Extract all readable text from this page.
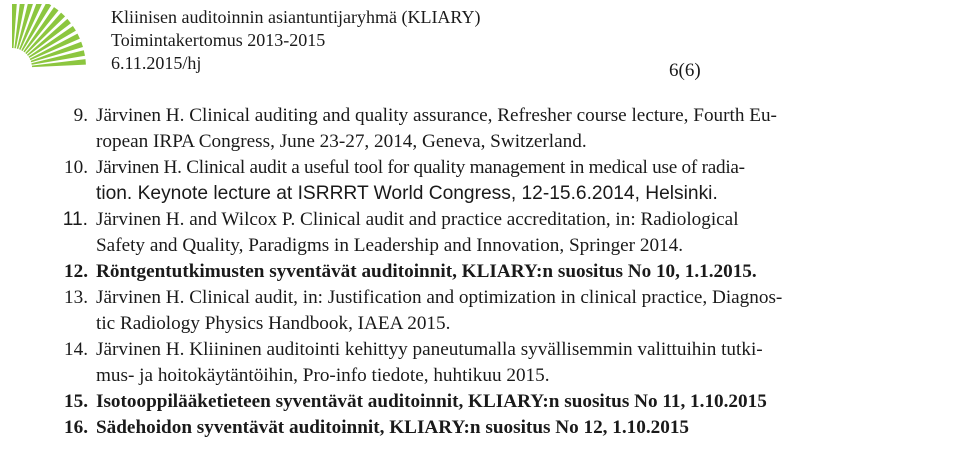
Kliinisen auditoinnin asiantuntijaryhmä (KLIARY)
Toimintakertomus 2013-2015
6.11.2015/hj	6(6)
9. Järvinen H. Clinical auditing and quality assurance, Refresher course lecture, Fourth Eu-
ropean IRPA Congress, June 23-27, 2014, Geneva, Switzerland.
10. Järvinen H. Clinical audit a useful tool for quality management in medical use of radia-
tion. Keynote lecture at ISRRRT World Congress, 12-15.6.2014, Helsinki.
11. Järvinen H. and Wilcox P. Clinical audit and practice accreditation, in: Radiological
Safety and Quality, Paradigms in Leadership and Innovation, Springer 2014.
12. Röntgentutkimusten syventävät auditoinnit, KLIARY:n suositus No 10, 1.1.2015.
13. Järvinen H. Clinical audit, in: Justification and optimization in clinical practice, Diagnos-
tic Radiology Physics Handbook, IAEA 2015.
14. Järvinen H. Kliininen auditointi kehittyy paneutumalla syvällisemmin valittuihin tutki-
mus- ja hoitokäytäntöihin, Pro-info tiedote, huhtikuu 2015.
15. Isotooppilääketieteen syventävät auditoinnit, KLIARY:n suositus No 11, 1.10.2015
16. Sädehoidon syventävät auditoinnit, KLIARY:n suositus No 12, 1.10.2015
